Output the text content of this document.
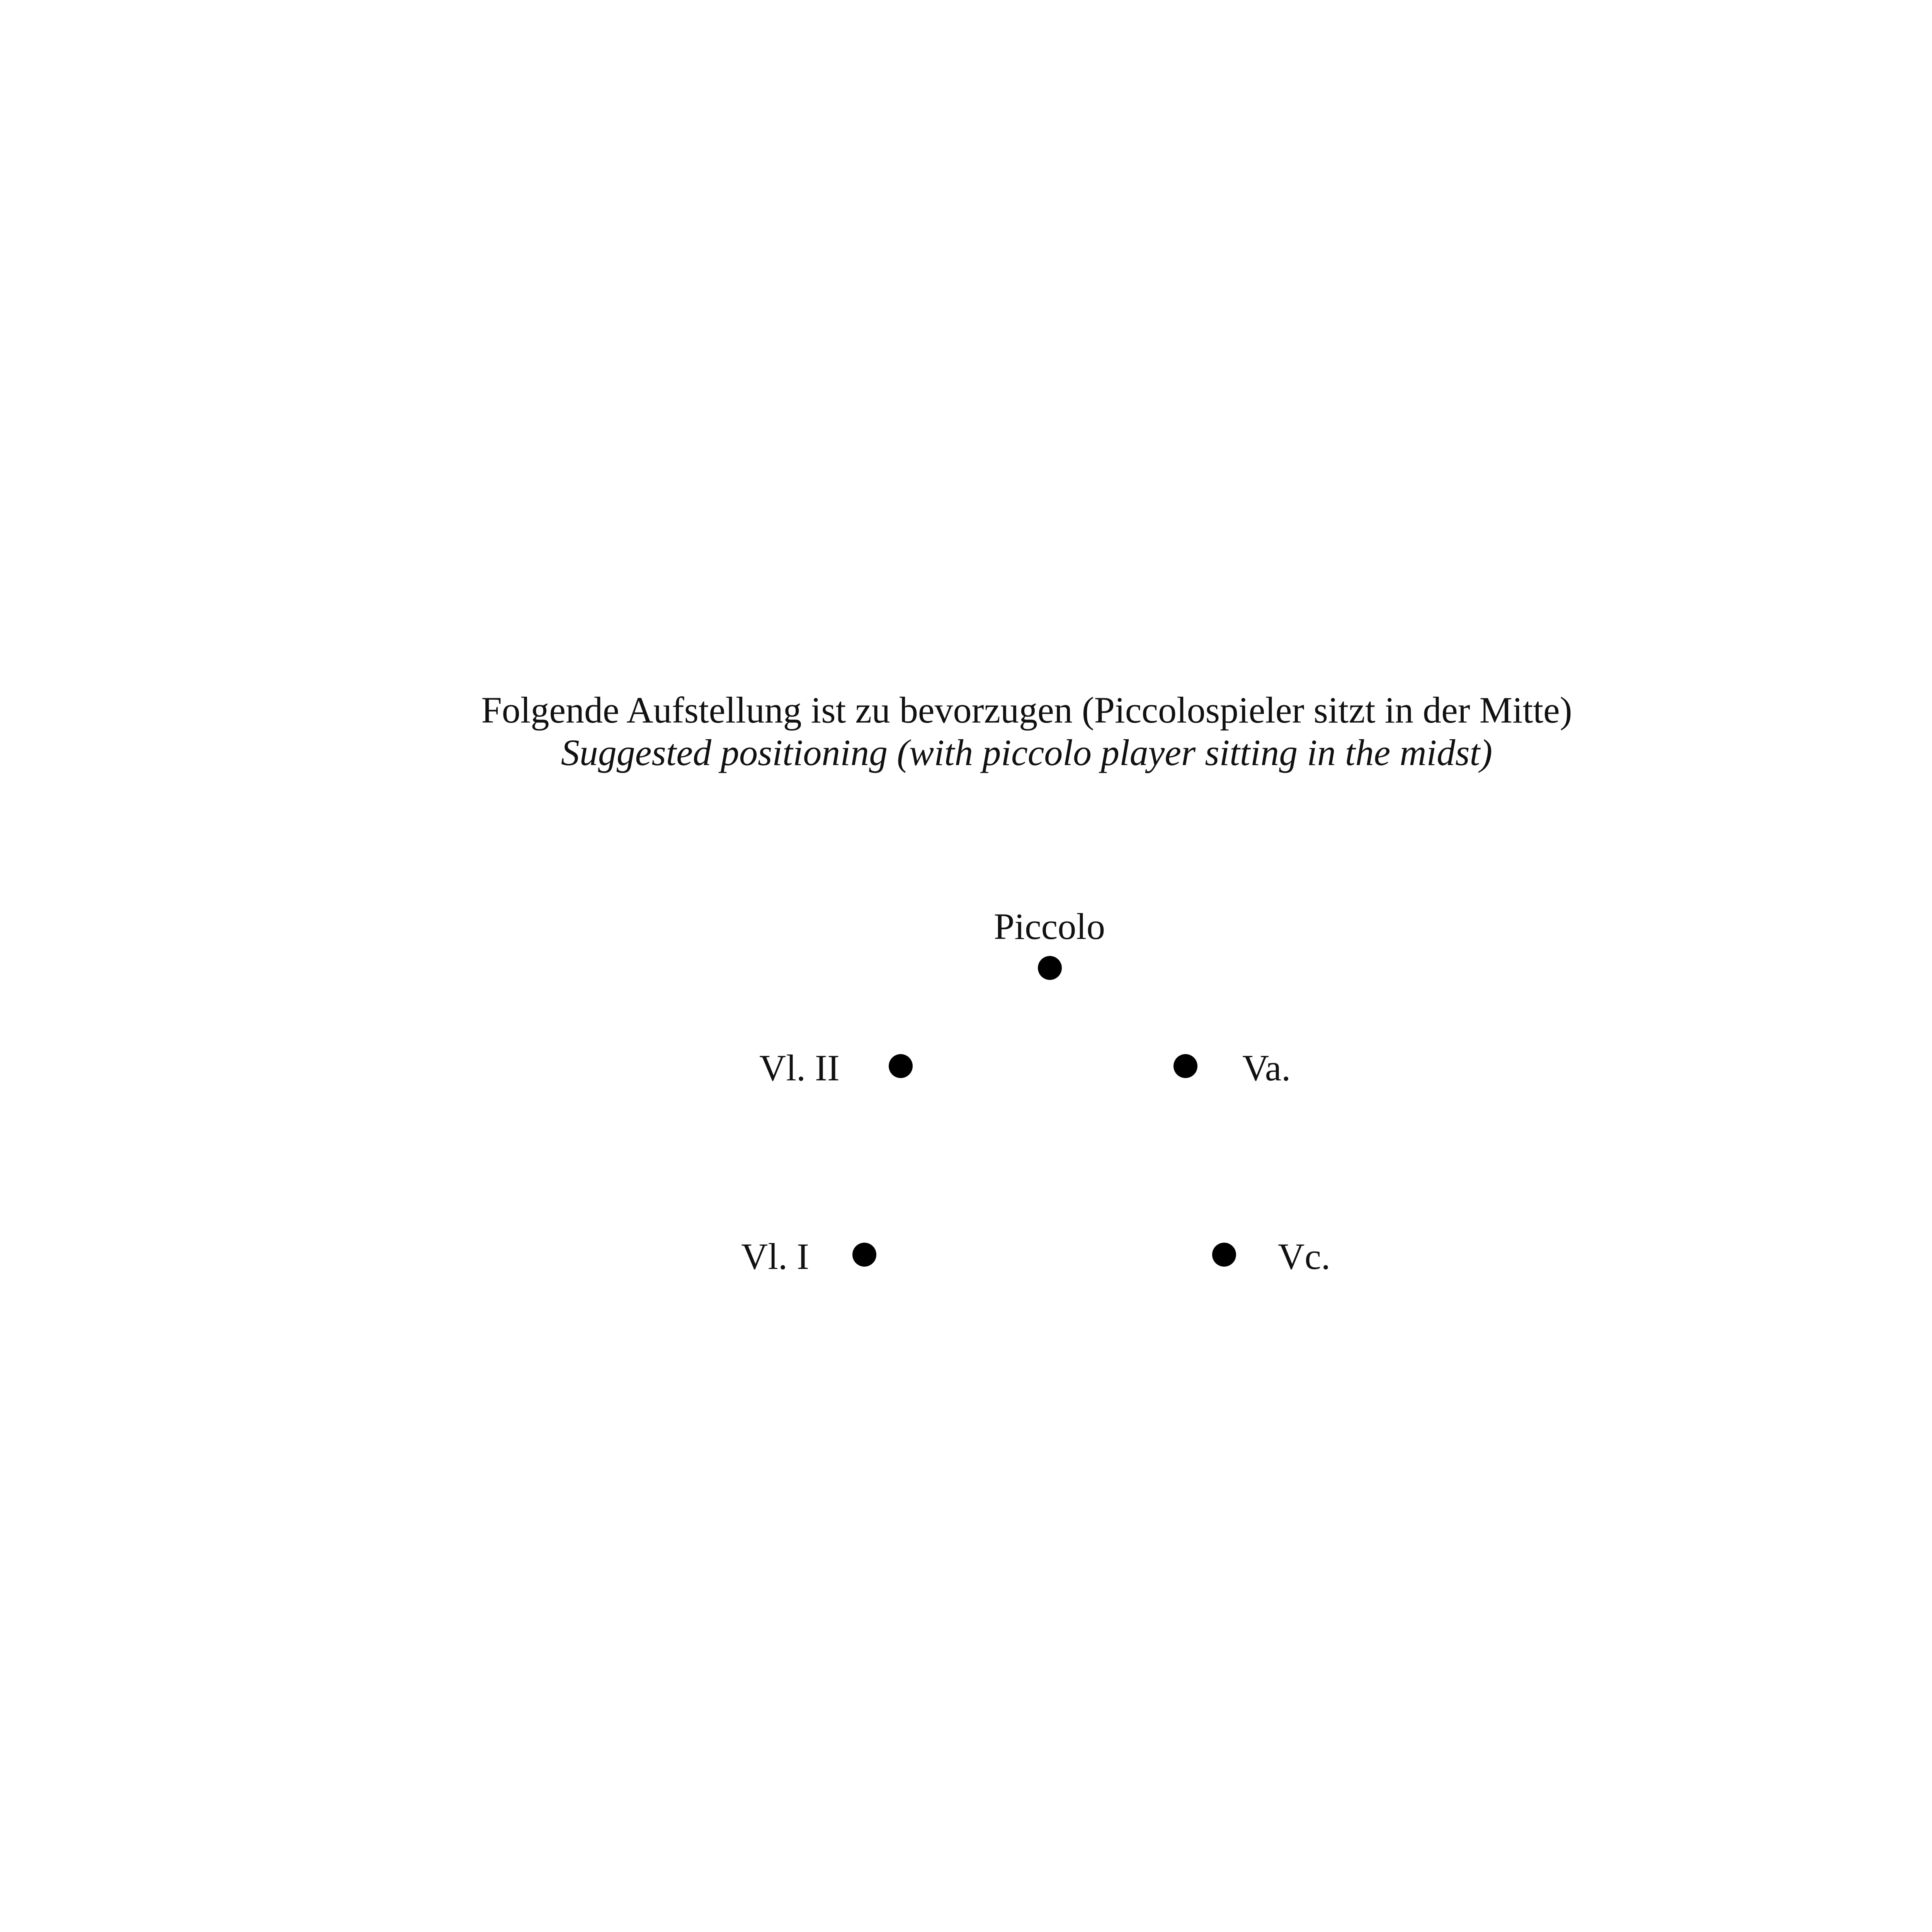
Folgende Aufstellung ist zu bevorzugen (Piccolospieler sitzt in der Mitte)
Suggested positioning (with piccolo player sitting in the midst)
Piccolo
Vl. II	Va.
Vl. I	Vc.
